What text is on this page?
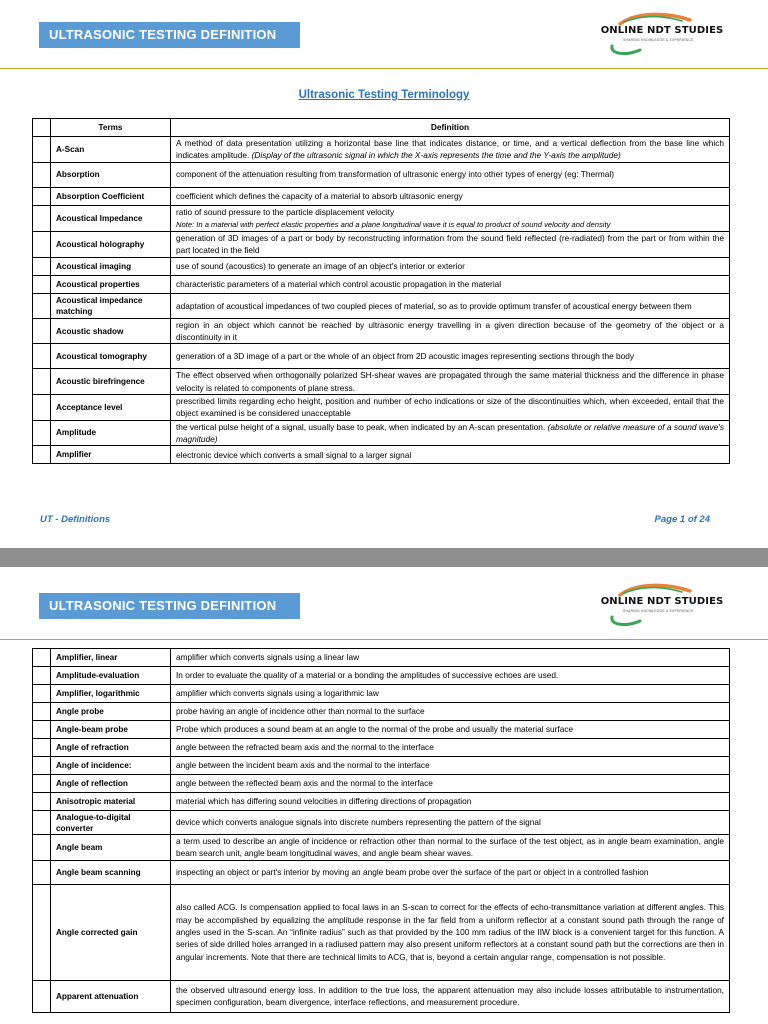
ULTRASONIC TESTING DEFINITION	ONLINE NDT STUDIES
SHARING KNOWLEDGE & EXPERIENCE
Ultrasonic Testing Terminology
	Terms	Definition
	A-Scan	A method of data presentation utilizing a horizontal base line that indicates distance, or time, and a vertical deflection from the base line which indicates amplitude. (Display of the ultrasonic signal in which the X-axis represents the time and the Y-axis the amplitude)
	Absorption	component of the attenuation resulting from transformation of ultrasonic energy into other types of energy (eg: Thermal)
	Absorption Coefficient	coefficient which defines the capacity of a material to absorb ultrasonic energy
	Acoustical Impedance	ratio of sound pressure to the particle displacement velocity
Note: In a material with perfect elastic properties and a plane longitudinal wave it is equal to product of sound velocity and density
	Acoustical holography	generation of 3D images of a part or body by reconstructing information from the sound field reflected (re-radiated) from the part or from within the part located in the field
	Acoustical imaging	use of sound (acoustics) to generate an image of an object's interior or exterior
	Acoustical properties	characteristic parameters of a material which control acoustic propagation in the material
	Acoustical impedance matching	adaptation of acoustical impedances of two coupled pieces of material, so as to provide optimum transfer of acoustical energy between them
	Acoustic shadow	region in an object which cannot be reached by ultrasonic energy travelling in a given direction because of the geometry of the object or a discontinuity in it
	Acoustical tomography	generation of a 3D image of a part or the whole of an object from 2D acoustic images representing sections through the body
	Acoustic birefringence	The effect observed when orthogonally polarized SH-shear waves are propagated through the same material thickness and the difference in phase velocity is related to components of plane stress.
	Acceptance level	prescribed limits regarding echo height, position and number of echo indications or size of the discontinuities which, when exceeded, entail that the object examined is be considered unacceptable
	Amplitude	the vertical pulse height of a signal, usually base to peak, when indicated by an A-scan presentation. (absolute or relative measure of a sound wave's magnitude)
	Amplifier	electronic device which converts a small signal to a larger signal
UT - Definitions	Page 1 of 24
ULTRASONIC TESTING DEFINITION	ONLINE NDT STUDIES
SHARING KNOWLEDGE & EXPERIENCE
	Amplifier, linear	amplifier which converts signals using a linear law
	Amplitude-evaluation	In order to evaluate the quality of a material or a bonding the amplitudes of successive echoes are used.
	Amplifier, logarithmic	amplifier which converts signals using a logarithmic law
	Angle probe	probe having an angle of incidence other than normal to the surface
	Angle-beam probe	Probe which produces a sound beam at an angle to the normal of the probe and usually the material surface
	Angle of refraction	angle between the refracted beam axis and the normal to the interface
	Angle of incidence:	angle between the incident beam axis and the normal to the interface
	Angle of reflection	angle between the reflected beam axis and the normal to the interface
	Anisotropic material	material which has differing sound velocities in differing directions of propagation
	Analogue-to-digital converter	device which converts analogue signals into discrete numbers representing the pattern of the signal
	Angle beam	a term used to describe an angle of incidence or refraction other than normal to the surface of the test object, as in angle beam examination, angle beam search unit, angle beam longitudinal waves, and angle beam shear waves.
	Angle beam scanning	inspecting an object or part's interior by moving an angle beam probe over the surface of the part or object in a controlled fashion
	Angle corrected gain	also called ACG. Is compensation applied to focal laws in an S-scan to correct for the effects of echo-transmittance variation at different angles. This may be accomplished by equalizing the amplitude response in the far field from a uniform reflector at a constant sound path through the range of angles used in the S-scan. An “infinite radius” such as that provided by the 100 mm radius of the IIW block is a convenient target for this function. A series of side drilled holes arranged in a radiused pattern may also present uniform reflectors at a constant sound path but the corrections are then in angular increments. Note that there are technical limits to ACG, that is, beyond a certain angular range, compensation is not possible.
	Apparent attenuation	the observed ultrasound energy loss. In addition to the true loss, the apparent attenuation may also include losses attributable to instrumentation, specimen configuration, beam divergence, interface reflections, and measurement procedure.
